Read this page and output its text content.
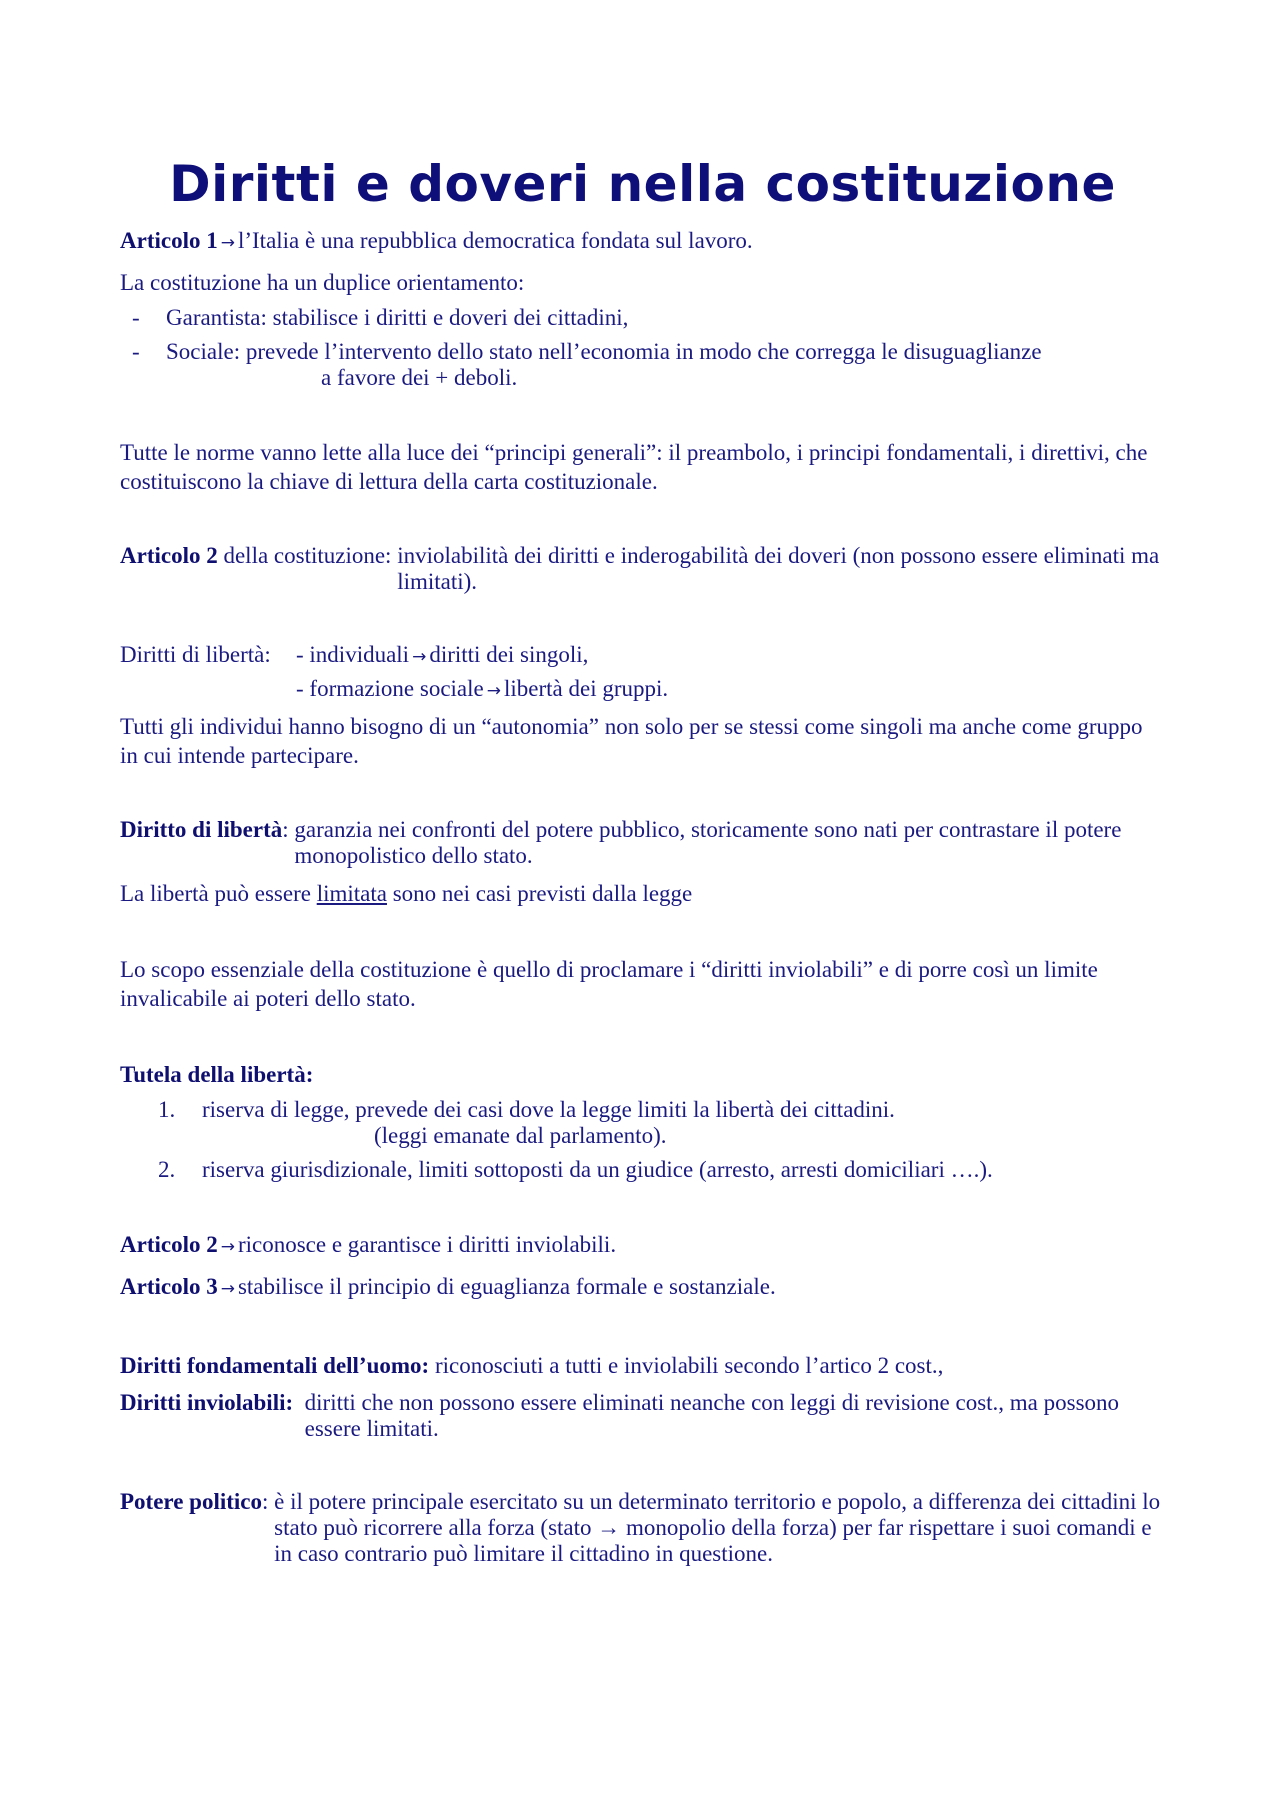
Diritti e doveri nella costituzione

Articolo 1 → l’Italia è una repubblica democratica fondata sul lavoro.

La costituzione ha un duplice orientamento:

-	Garantista: stabilisce i diritti e doveri dei cittadini,
-	Sociale: prevede l’intervento dello stato nell’economia in modo che corregga le disuguaglianze
a favore dei + deboli.

Tutte le norme vanno lette alla luce dei “principi generali”: il preambolo, i principi fondamentali, i direttivi, che costituiscono la chiave di lettura della carta costituzionale.

Articolo 2 della costituzione: inviolabilità dei diritti e inderogabilità dei doveri (non possono essere eliminati ma limitati).
Diritti di libertà:	- individuali → diritti dei singoli,
- formazione sociale → libertà dei gruppi.

Tutti gli individui hanno bisogno di un “autonomia” non solo per se stessi come singoli ma anche come gruppo in cui intende partecipare.

Diritto di libertà: garanzia nei confronti del potere pubblico, storicamente sono nati per contrastare il potere monopolistico dello stato.

La libertà può essere limitata sono nei casi previsti dalla legge

Lo scopo essenziale della costituzione è quello di proclamare i “diritti inviolabili” e di porre così un limite invalicabile ai poteri dello stato.

Tutela della libertà:

1.	riserva di legge, prevede dei casi dove la legge limiti la libertà dei cittadini.
(leggi emanate dal parlamento).
2.	riserva giurisdizionale, limiti sottoposti da un giudice (arresto, arresti domiciliari ….).

Articolo 2 → riconosce e garantisce i diritti inviolabili.

Articolo 3 → stabilisce il principio di eguaglianza formale e sostanziale.

Diritti fondamentali dell’uomo: riconosciuti a tutti e inviolabili secondo l’artico 2 cost.,

Diritti inviolabili: diritti che non possono essere eliminati neanche con leggi di revisione cost., ma possono essere limitati.
Potere politico: è il potere principale esercitato su un determinato territorio e popolo, a differenza dei cittadini lo stato può ricorrere alla forza (stato → monopolio della forza) per far rispettare i suoi comandi e in caso contrario può limitare il cittadino in questione.
